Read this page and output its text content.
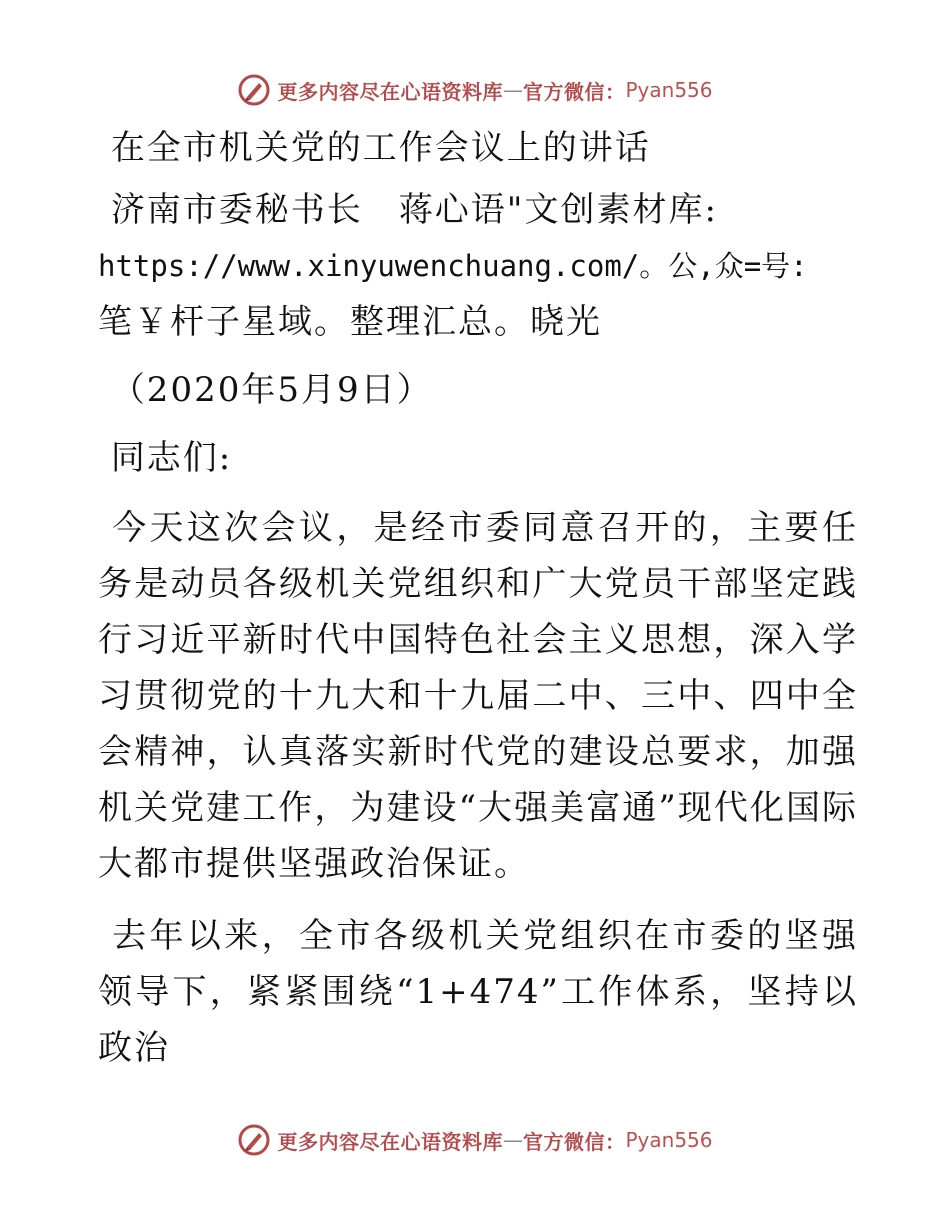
更多内容尽在心语资料库 — 官方微信： Pyan556

在全市机关党的工作会议上的讲话

济南市委秘书长　蒋心语"文创素材库:

https://www.xinyuwenchuang.com/。公,众=号:

笔￥杆子星域。整理汇总。晓光

（2020年5月9日）

同志们:

今天这次会议，是经市委同意召开的，主要任务是动员各级机关党组织和广大党员干部坚定践行习近平新时代中国特色社会主义思想，深入学习贯彻党的十九大和十九届二中、三中、四中全会精神，认真落实新时代党的建设总要求，加强机关党建工作，为建设“大强美富通”现代化国际大都市提供坚强政治保证。

去年以来，全市各级机关党组织在市委的坚强领导下，紧紧围绕“1+474”工作体系，坚持以政治

更多内容尽在心语资料库 — 官方微信： Pyan556
